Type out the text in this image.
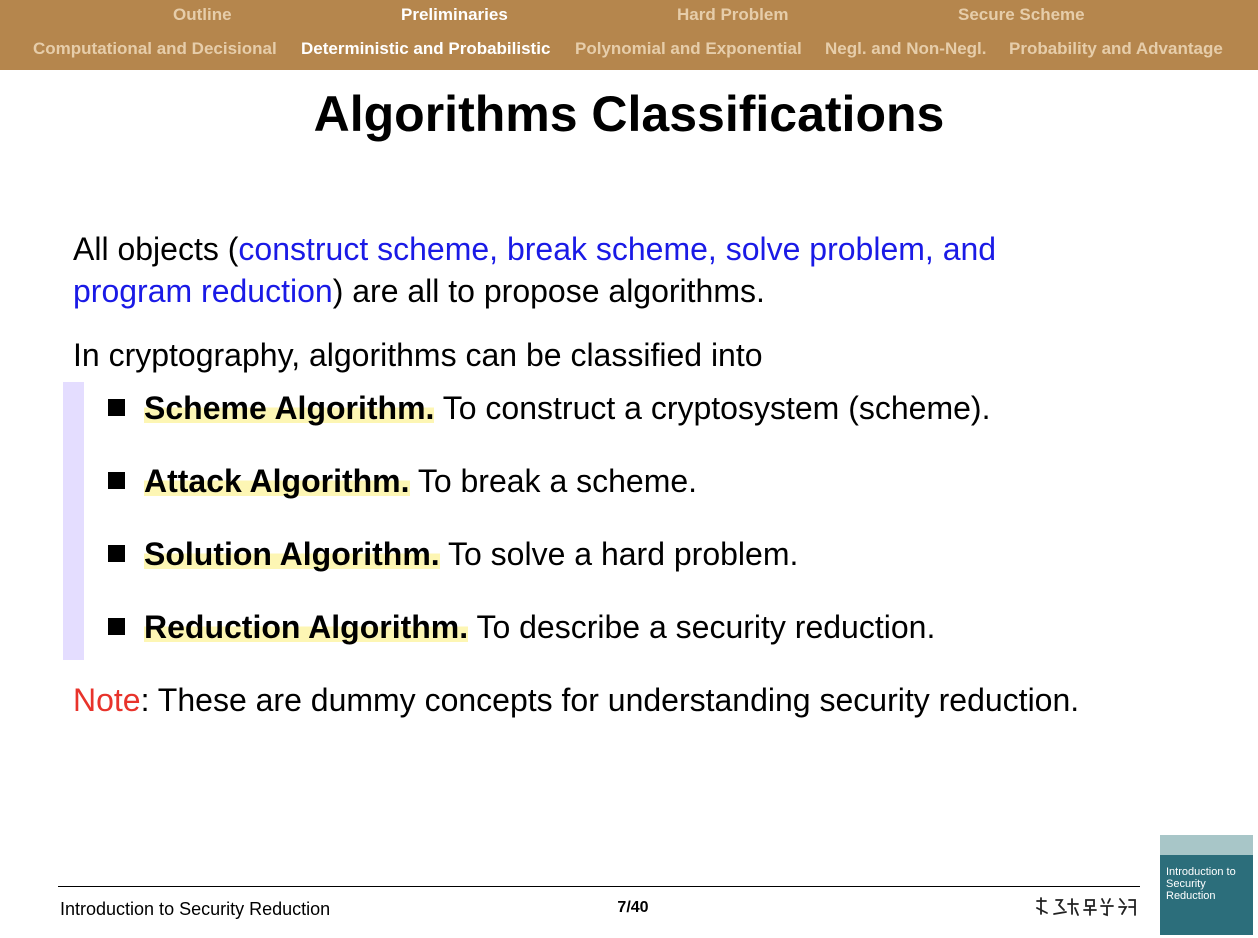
Outline	Preliminaries	Hard Problem	Secure Scheme
Computational and Decisional Deterministic and Probabilistic Polynomial and Exponential Negl. and Non-Negl. Probability and Advantage
Algorithms Classifications
All objects (construct scheme, break scheme, solve problem, and
program reduction) are all to propose algorithms.
In cryptography, algorithms can be classified into
Scheme Algorithm. To construct a cryptosystem (scheme).
Attack Algorithm. To break a scheme.
Solution Algorithm. To solve a hard problem.
Reduction Algorithm. To describe a security reduction.
Note: These are dummy concepts for understanding security reduction.
Introduction to Security Reduction	7/40
Introduction to Security Reduction
